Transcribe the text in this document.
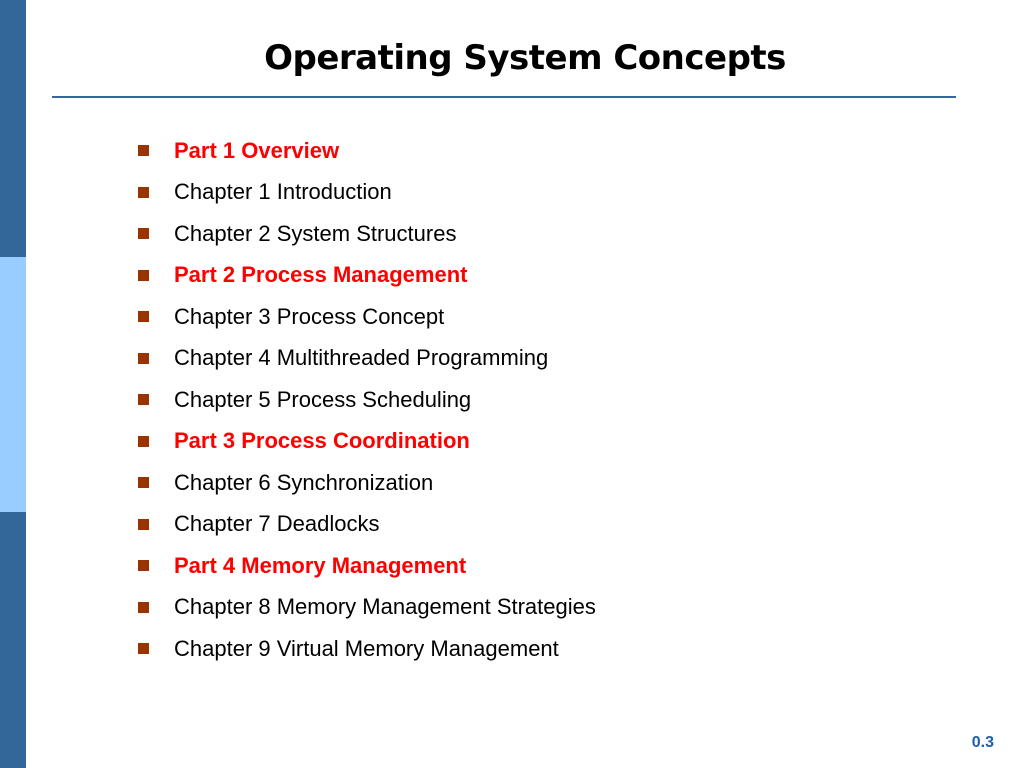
Operating System Concepts
Part 1 Overview
Chapter 1 Introduction
Chapter 2 System Structures
Part 2 Process Management
Chapter 3 Process Concept
Chapter 4 Multithreaded Programming
Chapter 5 Process Scheduling
Part 3 Process Coordination
Chapter 6 Synchronization
Chapter 7 Deadlocks
Part 4 Memory Management
Chapter 8 Memory Management Strategies
Chapter 9 Virtual Memory Management
0.3
